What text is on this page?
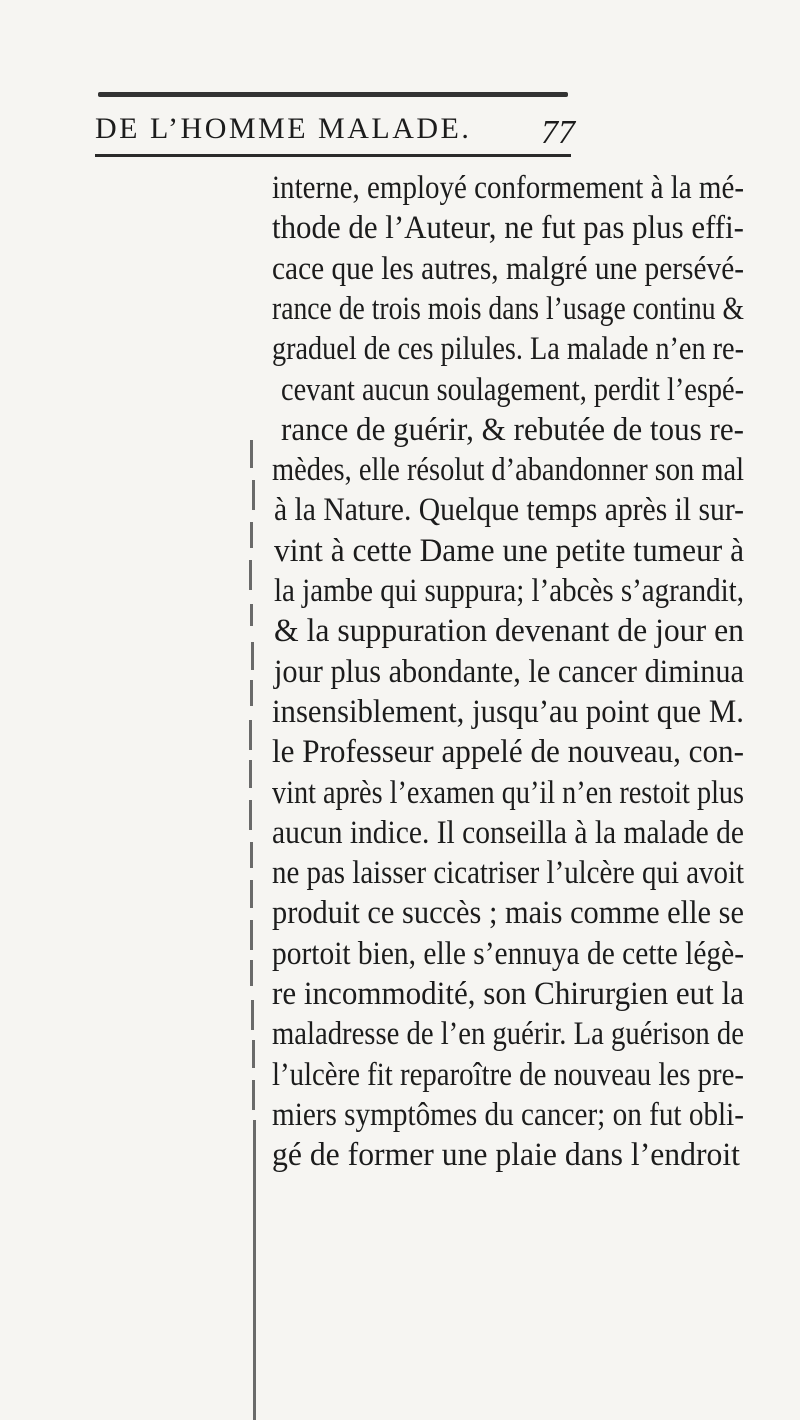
DE L’HOMME MALADE. 77
interne, employé conformement à la mé-
thode de l’Auteur, ne fut pas plus effi-
cace que les autres, malgré une persévé-
rance de trois mois dans l’usage continu &
graduel de ces pilules. La malade n’en re-
cevant aucun soulagement, perdit l’espé-
rance de guérir, & rebutée de tous re-
mèdes, elle résolut d’abandonner son mal
à la Nature. Quelque temps après il sur-
vint à cette Dame une petite tumeur à
la jambe qui suppura; l’abcès s’agrandit,
& la suppuration devenant de jour en
jour plus abondante, le cancer diminua
insensiblement, jusqu’au point que M.
le Professeur appelé de nouveau, con-
vint après l’examen qu’il n’en restoit plus
aucun indice. Il conseilla à la malade de
ne pas laisser cicatriser l’ulcère qui avoit
produit ce succès ; mais comme elle se
portoit bien, elle s’ennuya de cette légè-
re incommodité, son Chirurgien eut la
maladresse de l’en guérir. La guérison de
l’ulcère fit reparoître de nouveau les pre-
miers symptômes du cancer; on fut obli-
gé de former une plaie dans l’endroit
